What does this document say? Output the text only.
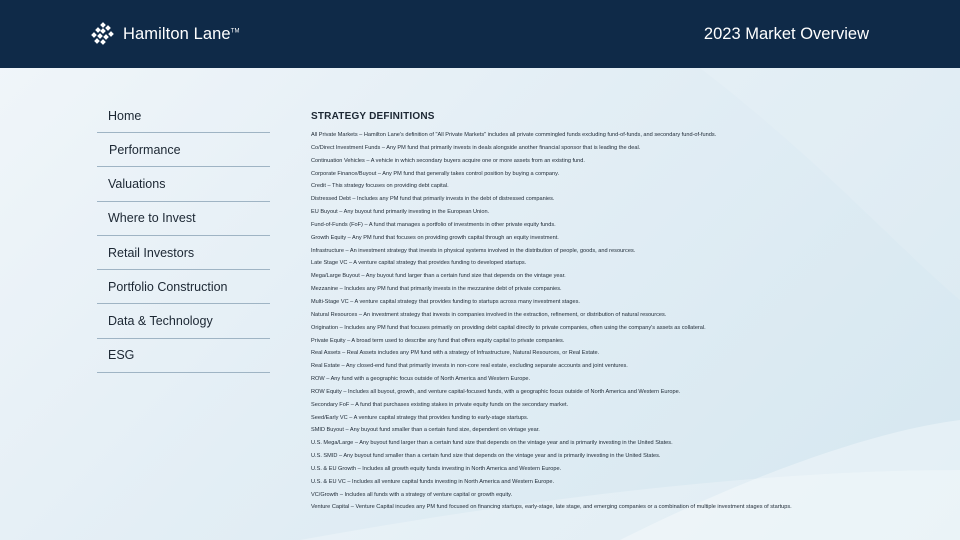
Hamilton Lane™	2023 Market Overview
Home
Performance
Valuations
Where to Invest
Retail Investors
Portfolio Construction
Data & Technology
ESG
STRATEGY DEFINITIONS

All Private Markets – Hamilton Lane's definition of "All Private Markets" includes all private commingled funds excluding fund-of-funds, and secondary fund-of-funds.

Co/Direct Investment Funds – Any PM fund that primarily invests in deals alongside another financial sponsor that is leading the deal.

Continuation Vehicles – A vehicle in which secondary buyers acquire one or more assets from an existing fund.

Corporate Finance/Buyout – Any PM fund that generally takes control position by buying a company.

Credit – This strategy focuses on providing debt capital.

Distressed Debt – Includes any PM fund that primarily invests in the debt of distressed companies.

EU Buyout – Any buyout fund primarily investing in the European Union.

Fund-of-Funds (FoF) – A fund that manages a portfolio of investments in other private equity funds.

Growth Equity – Any PM fund that focuses on providing growth capital through an equity investment.

Infrastructure – An investment strategy that invests in physical systems involved in the distribution of people, goods, and resources.

Late Stage VC – A venture capital strategy that provides funding to developed startups.

Mega/Large Buyout – Any buyout fund larger than a certain fund size that depends on the vintage year.

Mezzanine – Includes any PM fund that primarily invests in the mezzanine debt of private companies.

Multi-Stage VC – A venture capital strategy that provides funding to startups across many investment stages.

Natural Resources – An investment strategy that invests in companies involved in the extraction, refinement, or distribution of natural resources.

Origination – Includes any PM fund that focuses primarily on providing debt capital directly to private companies, often using the company's assets as collateral.

Private Equity – A broad term used to describe any fund that offers equity capital to private companies.

Real Assets – Real Assets includes any PM fund with a strategy of Infrastructure, Natural Resources, or Real Estate.

Real Estate – Any closed-end fund that primarily invests in non-core real estate, excluding separate accounts and joint ventures.

ROW – Any fund with a geographic focus outside of North America and Western Europe.

ROW Equity – Includes all buyout, growth, and venture capital-focused funds, with a geographic focus outside of North America and Western Europe.

Secondary FoF – A fund that purchases existing stakes in private equity funds on the secondary market.

Seed/Early VC – A venture capital strategy that provides funding to early-stage startups.

SMID Buyout – Any buyout fund smaller than a certain fund size, dependent on vintage year.

U.S. Mega/Large – Any buyout fund larger than a certain fund size that depends on the vintage year and is primarily investing in the United States.

U.S. SMID – Any buyout fund smaller than a certain fund size that depends on the vintage year and is primarily investing in the United States.

U.S. & EU Growth – Includes all growth equity funds investing in North America and Western Europe.

U.S. & EU VC – Includes all venture capital funds investing in North America and Western Europe.

VC/Growth – Includes all funds with a strategy of venture capital or growth equity.

Venture Capital – Venture Capital incudes any PM fund focused on financing startups, early-stage, late stage, and emerging companies or a combination of multiple investment stages of startups.
